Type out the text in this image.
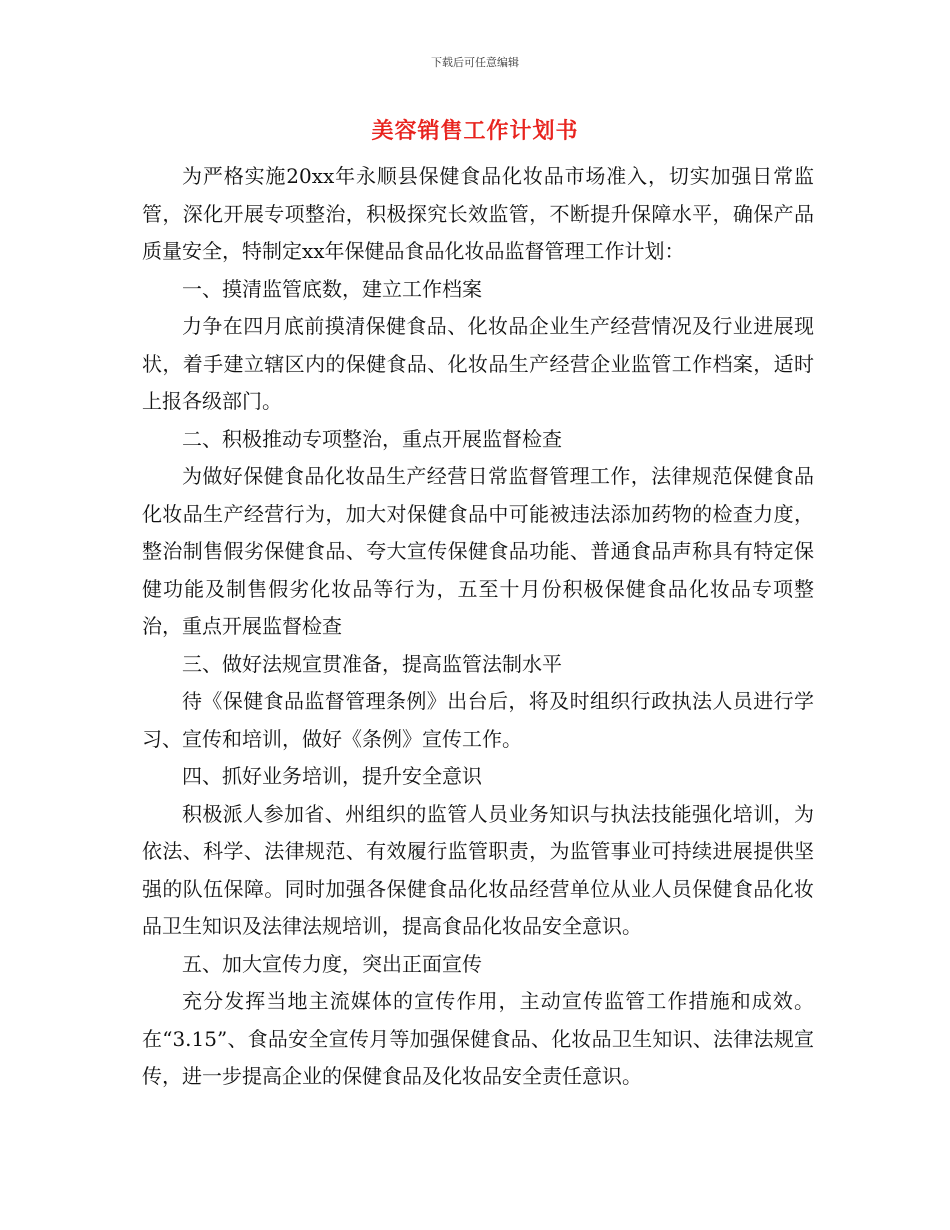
下载后可任意编辑
美容销售工作计划书

为严格实施20xx年永顺县保健食品化妆品市场准入，切实加强日常监管，深化开展专项整治，积极探究长效监管，不断提升保障水平，确保产品质量安全，特制定xx年保健品食品化妆品监督管理工作计划：

一、摸清监管底数，建立工作档案

力争在四月底前摸清保健食品、化妆品企业生产经营情况及行业进展现状，着手建立辖区内的保健食品、化妆品生产经营企业监管工作档案，适时上报各级部门。

二、积极推动专项整治，重点开展监督检查

为做好保健食品化妆品生产经营日常监督管理工作，法律规范保健食品化妆品生产经营行为，加大对保健食品中可能被违法添加药物的检查力度，整治制售假劣保健食品、夸大宣传保健食品功能、普通食品声称具有特定保健功能及制售假劣化妆品等行为，五至十月份积极保健食品化妆品专项整治，重点开展监督检查

三、做好法规宣贯准备，提高监管法制水平

待《保健食品监督管理条例》出台后，将及时组织行政执法人员进行学习、宣传和培训，做好《条例》宣传工作。

四、抓好业务培训，提升安全意识

积极派人参加省、州组织的监管人员业务知识与执法技能强化培训，为依法、科学、法律规范、有效履行监管职责，为监管事业可持续进展提供坚强的队伍保障。同时加强各保健食品化妆品经营单位从业人员保健食品化妆品卫生知识及法律法规培训，提高食品化妆品安全意识。

五、加大宣传力度，突出正面宣传

充分发挥当地主流媒体的宣传作用，主动宣传监管工作措施和成效。在“3.15”、食品安全宣传月等加强保健食品、化妆品卫生知识、法律法规宣传，进一步提高企业的保健食品及化妆品安全责任意识。
